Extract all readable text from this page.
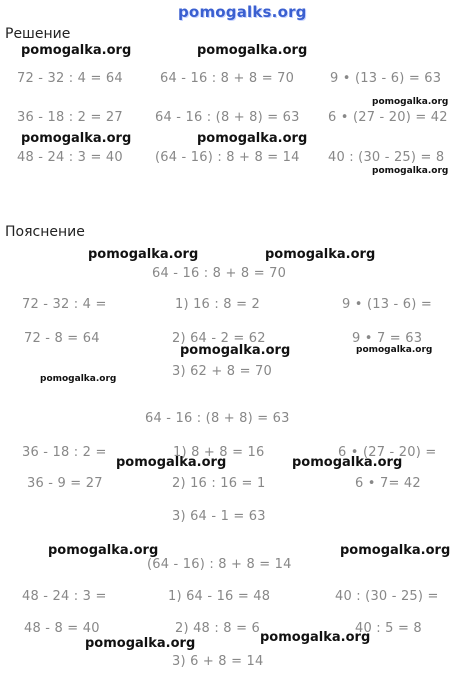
pomogalks.org
Решение
72 - 32 : 4 = 64	64 - 16 : 8 + 8 = 70	9 • (13 - 6) = 63
36 - 18 : 2 = 27 64 - 16 : (8 + 8) = 63 6 • (27 - 20) = 42
48 - 24 : 3 = 40 (64 - 16) : 8 + 8 = 14 40 : (30 - 25) = 8
Пояснение
64 - 16 : 8 + 8 = 70
72 - 32 : 4 =
72 - 8 = 64
1) 16 : 8 = 2
2) 64 - 2 = 62
3) 62 + 8 = 70
9 • (13 - 6) =
9 • 7 = 63
64 - 16 : (8 + 8) = 63
36 - 18 : 2 =
36 - 9 = 27
1) 8 + 8 = 16
2) 16 : 16 = 1
3) 64 - 1 = 63
6 • (27 - 20) =
6 • 7= 42
(64 - 16) : 8 + 8 = 14
48 - 24 : 3 =
48 - 8 = 40
1) 64 - 16 = 48
2) 48 : 8 = 6
3) 6 + 8 = 14
40 : (30 - 25) =
40 : 5 = 8
pomogalka.org	pomogalka.org
pomogalka.org	pomogalka.org
pomogalka.org	pomogalka.org
pomogalka.org
pomogalka.org	pomogalka.org
pomogalka.org	pomogalka.org
pomogalka.org	pomogalka.org
pomogalka.org
pomogalka.org
pomogalka.org
pomogalka.org
